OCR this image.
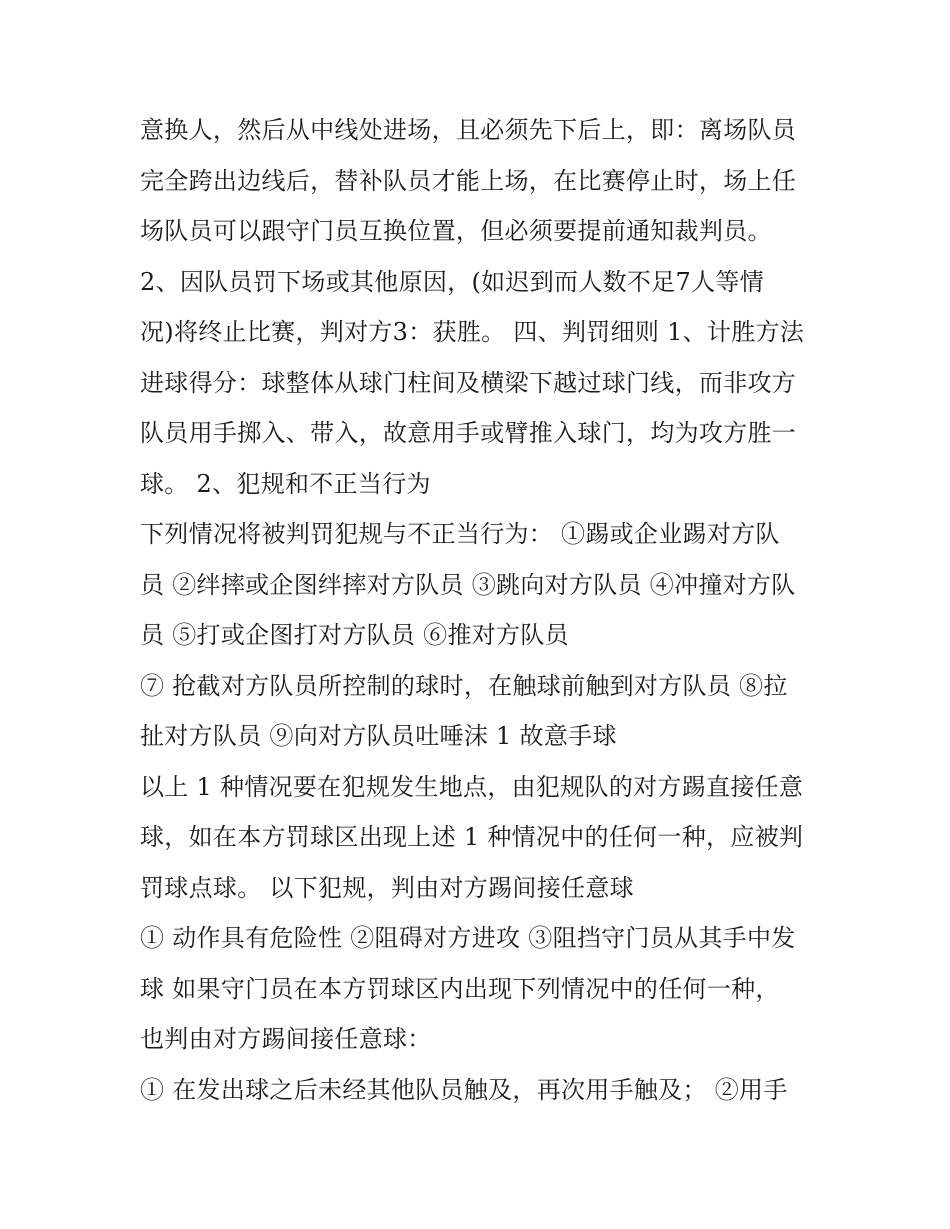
意换人，然后从中线处进场，且必须先下后上，即：离场队员
完全跨出边线后，替补队员才能上场，在比赛停止时，场上任
场队员可以跟守门员互换位置，但必须要提前通知裁判员。
2、因队员罚下场或其他原因，(如迟到而人数不足7人等情
况)将终止比赛，判对方3：获胜。 四、判罚细则 1、计胜方法
进球得分：球整体从球门柱间及横梁下越过球门线，而非攻方
队员用手掷入、带入，故意用手或臂推入球门，均为攻方胜一
球。 2、犯规和不正当行为
下列情况将被判罚犯规与不正当行为： ①踢或企业踢对方队
员 ②绊摔或企图绊摔对方队员 ③跳向对方队员 ④冲撞对方队
员 ⑤打或企图打对方队员 ⑥推对方队员
⑦ 抢截对方队员所控制的球时，在触球前触到对方队员 ⑧拉
扯对方队员 ⑨向对方队员吐唾沫 1 故意手球
以上 1 种情况要在犯规发生地点，由犯规队的对方踢直接任意
球，如在本方罚球区出现上述 1 种情况中的任何一种，应被判
罚球点球。 以下犯规，判由对方踢间接任意球
① 动作具有危险性 ②阻碍对方进攻 ③阻挡守门员从其手中发
球 如果守门员在本方罚球区内出现下列情况中的任何一种，
也判由对方踢间接任意球：
① 在发出球之后未经其他队员触及，再次用手触及； ②用手
